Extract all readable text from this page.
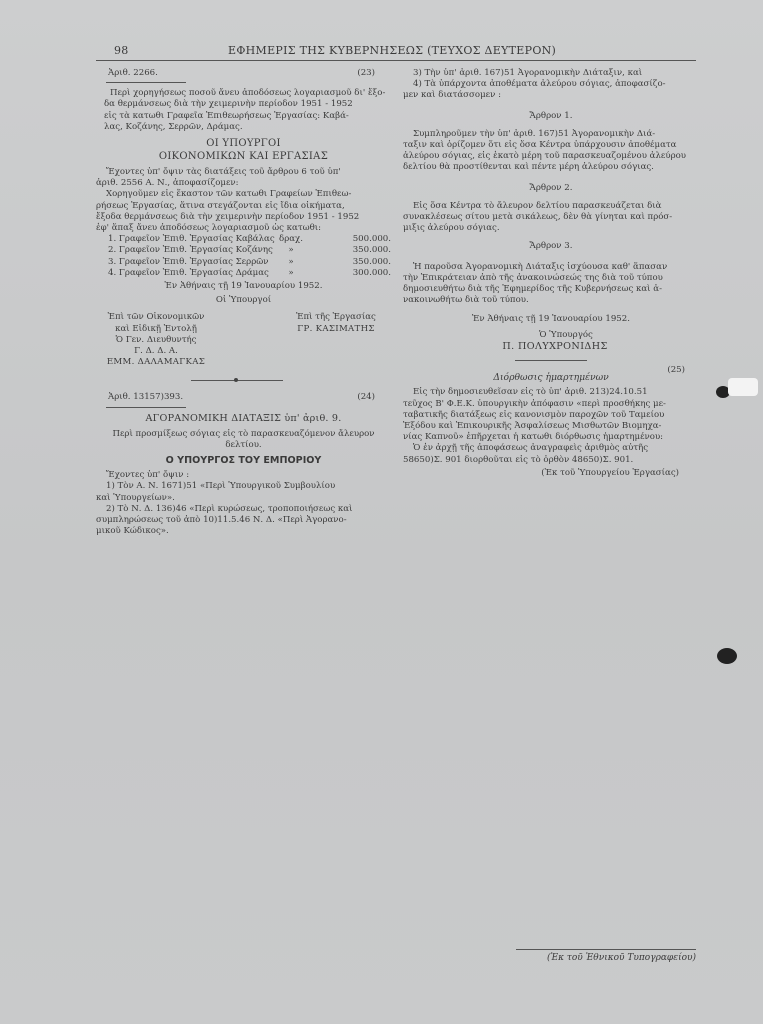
98	ΕΦΗΜΕΡΙΣ ΤΗΣ ΚΥΒΕΡΝΗΣΕΩΣ (ΤΕΥΧΟΣ ΔΕΥΤΕΡΟΝ)
Ἀριθ. 2266.	(23)
Περὶ χορηγήσεως ποσοῦ ἄνευ ἀποδόσεως λογαριασμοῦ δι' ἔξο-
δα θερμάνσεως διὰ τὴν χειμερινὴν περίοδον 1951 - 1952
εἰς τὰ κατωθι Γραφεῖα Ἐπιθεωρήσεως Ἐργασίας: Καβά-
λας, Κοζάνης, Σερρῶν, Δράμας.
ΟΙ ΥΠΟΥΡΓΟΙ
ΟΙΚΟΝΟΜΙΚΩΝ ΚΑΙ ΕΡΓΑΣΙΑΣ
Ἔχοντες ὑπ' ὄψιν τὰς διατάξεις τοῦ ἄρθρου 6 τοῦ ὑπ'
ἀριθ. 2556 Α. Ν., ἀποφασίζομεν:
Χορηγοῦμεν εἰς ἕκαστον τῶν κατωθι Γραφείων Ἐπιθεω-
ρήσεως Ἐργασίας, ἅτινα στεγάζονται εἰς ἴδια οἰκήματα,
ἔξοδα θερμάνσεως διὰ τὴν χειμερινὴν περίοδον 1951 - 1952
ἐφ' ἅπαξ ἄνευ ἀποδόσεως λογαριασμοῦ ὡς κατωθι:
1. Γραφεῖον Ἐπιθ. Ἐργασίας Καβάλας δραχ.	500.000.
2. Γραφεῖον Ἐπιθ. Ἐργασίας Κοζάνης	»	350.000.
3. Γραφεῖον Ἐπιθ. Ἐργασίας Σερρῶν	»	350.000.
4. Γραφεῖον Ἐπιθ. Ἐργασίας Δράμας	»	300.000.
Ἐν Ἀθήναις τῇ 19 Ἰανουαρίου 1952.
Οἱ Ὑπουργοί
Ἐπὶ τῶν Οἰκονομικῶν
καὶ Εἰδικῇ Ἐντολῇ
Ὁ Γεν. Διευθυντής
Γ. Δ. Δ. Α.
ΕΜΜ. ΔΑΛΑΜΑΓΚΑΣ
Ἐπὶ τῆς Ἐργασίας
ΓΡ. ΚΑΣΙΜΑΤΗΣ
Ἀριθ. 13157)393.	(24)
ΑΓΟΡΑΝΟΜΙΚΗ ΔΙΑΤΑΞΙΣ ὑπ' ἀριθ. 9.
Περὶ προσμίξεως σόγιας εἰς τὸ παρασκευαζόμενον ἄλευρον
δελτίου.
Ο ΥΠΟΥΡΓΟΣ ΤΟΥ ΕΜΠΟΡΙΟΥ
Ἔχοντες ὑπ' ὄψιν :
1) Τὸν Α. Ν. 1671)51 «Περὶ Ὑπουργικοῦ Συμβουλίου
καὶ Ὑπουργείων».
2) Τὸ Ν. Δ. 136)46 «Περὶ κυρώσεως, τροποποιήσεως καὶ
συμπληρώσεως τοῦ ἀπὸ 10)11.5.46 Ν. Δ. «Περὶ Ἀγορανο-
μικοῦ Κώδικος».
3) Τὴν ὑπ' ἀριθ. 167)51 Ἀγορανομικὴν Διάταξιν, καὶ
4) Τὰ ὑπάρχοντα ἀποθέματα ἀλεύρου σόγιας, ἀποφασίζο-
μεν καὶ διατάσσομεν :
Ἄρθρον 1.
Συμπληροῦμεν τὴν ὑπ' ἀριθ. 167)51 Ἀγορανομικὴν Διά-
ταξιν καὶ ὁρίζομεν ὅτι εἰς ὅσα Κέντρα ὑπάρχουσιν ἀποθέματα
ἀλεύρου σόγιας, εἰς ἑκατὸ μέρη τοῦ παρασκευαζομένου ἀλεύρου
δελτίου θὰ προστίθενται καὶ πέντε μέρη ἀλεύρου σόγιας.
Ἄρθρον 2.
Εἰς ὅσα Κέντρα τὸ ἄλευρον δελτίου παρασκευάζεται διὰ
συνακλέσεως σίτου μετὰ σικάλεως, δὲν θὰ γίνηται καὶ πρόσ-
μιξις ἀλεύρου σόγιας.
Ἄρθρον 3.
Ἡ παροῦσα Ἀγορανομικὴ Διάταξις ἰσχύουσα καθ' ἅπασαν
τὴν Ἐπικράτειαν ἀπὸ τῆς ἀνακοινώσεώς της διὰ τοῦ τύπου
δημοσιευθήτω διὰ τῆς Ἐφημερίδος τῆς Κυβερνήσεως καὶ ἀ-
νακοινωθήτω διὰ τοῦ τύπου.
Ἐν Ἀθήναις τῇ 19 Ἰανουαρίου 1952.
Ὁ Ὑπουργός
Π. ΠΟΛΥΧΡΟΝΙΔΗΣ
(25)
Διόρθωσις ἡμαρτημένων
Εἰς τὴν δημοσιευθεῖσαν εἰς τὸ ὑπ' ἀριθ. 213)24.10.51
τεῦχος Β' Φ.Ε.Κ. ὑπουργικὴν ἀπόφασιν «περὶ προσθήκης με-
ταβατικῆς διατάξεως εἰς κανονισμὸν παροχῶν τοῦ Ταμείου
Ἐξόδου καὶ Ἐπικουρικῆς Ἀσφαλίσεως Μισθωτῶν Βιομηχα-
νίας Καπνοῦ» ἐπῆρχεται ἡ κατωθι διόρθωσις ἡμαρτημένου:
Ὁ ἐν ἀρχῇ τῆς ἀποφάσεως ἀναγραφεὶς ἀριθμὸς αὐτῆς
58650)Σ. 901 διορθοῦται εἰς τὸ ὀρθὸν 48650)Σ. 901.
(Ἐκ τοῦ Ὑπουργείου Ἐργασίας)
(Ἐκ τοῦ Ἐθνικοῦ Τυπογραφείου)
